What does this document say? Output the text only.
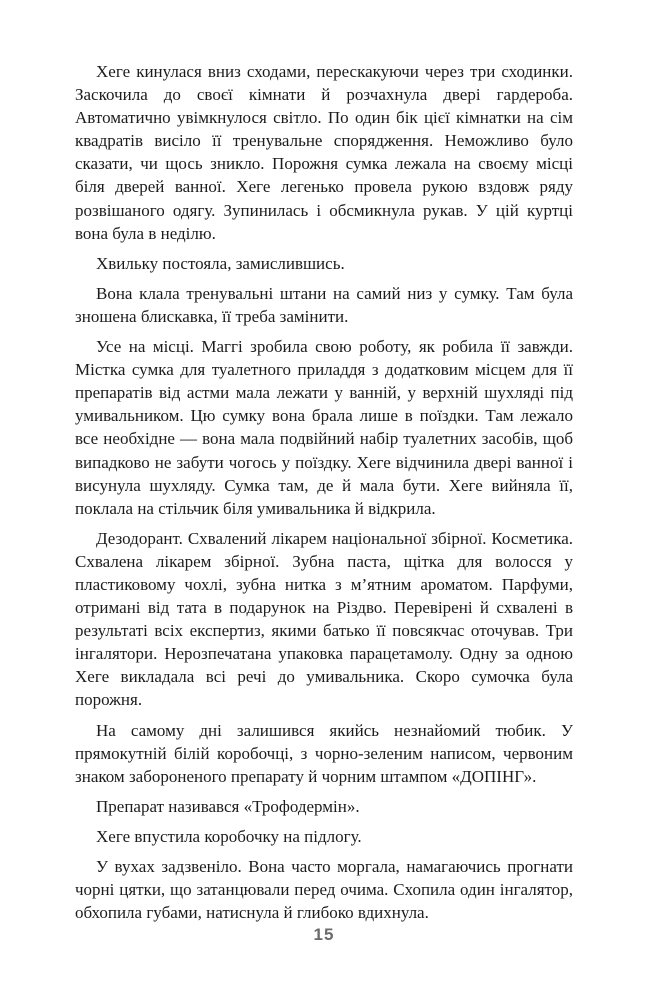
Хеге кинулася вниз сходами, перескакуючи через три сходинки. Заскочила до своєї кімнати й розчахнула двері гардероба. Автоматично увімкнулося світло. По один бік цієї кімнатки на сім квадратів висіло її тренувальне спорядження. Неможливо було сказати, чи щось зникло. Порожня сумка лежала на своєму місці біля дверей ванної. Хеге легенько провела рукою вздовж ряду розвішаного одягу. Зупинилась і обсмикнула рукав. У цій куртці вона була в неділю.

Хвильку постояла, замислившись.

Вона клала тренувальні штани на самий низ у сумку. Там була зношена блискавка, її треба замінити.

Усе на місці. Маггі зробила свою роботу, як робила її завжди. Містка сумка для туалетного приладдя з додатковим місцем для її препаратів від астми мала лежати у ванній, у верхній шухляді під умивальником. Цю сумку вона брала лише в поїздки. Там лежало все необхідне — вона мала подвійний набір туалетних засобів, щоб випадково не забути чогось у поїздку. Хеге відчинила двері ванної і висунула шухляду. Сумка там, де й мала бути. Хеге вийняла її, поклала на стільчик біля умивальника й відкрила.

Дезодорант. Схвалений лікарем національної збірної. Косметика. Схвалена лікарем збірної. Зубна паста, щітка для волосся у пластиковому чохлі, зубна нитка з м’ятним ароматом. Парфуми, отримані від тата в подарунок на Різдво. Перевірені й схвалені в результаті всіх експертиз, якими батько її повсякчас оточував. Три інгалятори. Нерозпечатана упаковка парацетамолу. Одну за одною Хеге викладала всі речі до умивальника. Скоро сумочка була порожня.

На самому дні залишився якийсь незнайомий тюбик. У прямокутній білій коробочці, з чорно-зеленим написом, червоним знаком забороненого препарату й чорним штампом «ДОПІНГ».

Препарат називався «Трофодермін».

Хеге впустила коробочку на підлогу.

У вухах задзвеніло. Вона часто моргала, намагаючись прогнати чорні цятки, що затанцювали перед очима. Схопила один інгалятор, обхопила губами, натиснула й глибоко вдихнула.

15
